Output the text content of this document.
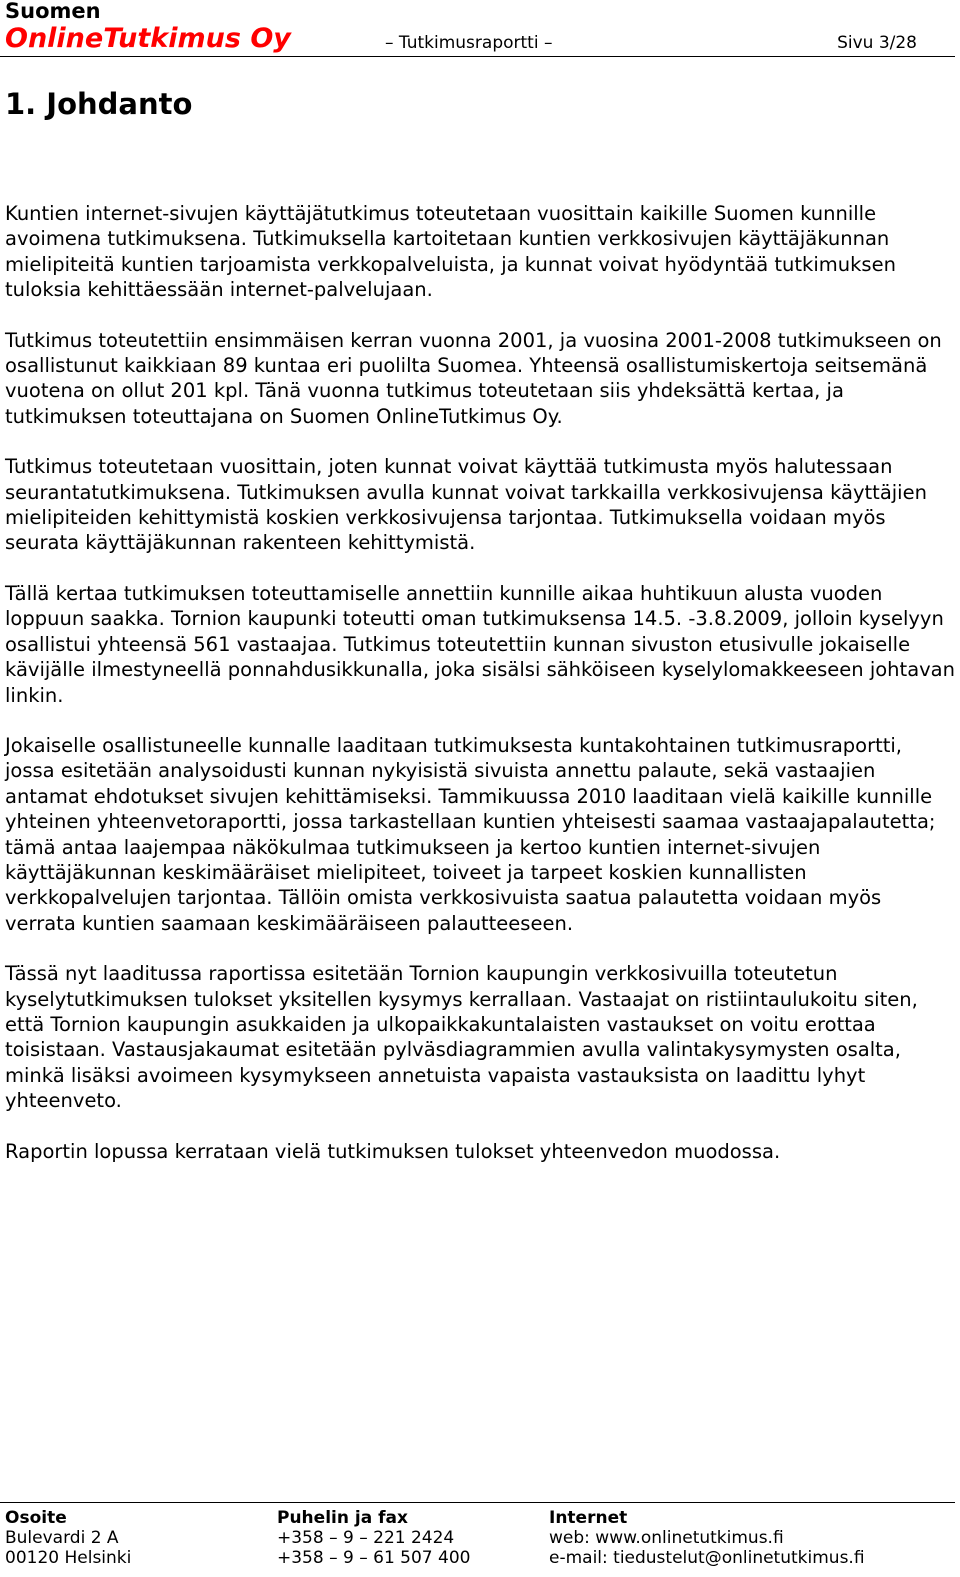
Suomen
OnlineTutkimus Oy	– Tutkimusraportti –	Sivu 3/28
1. Johdanto

Kuntien internet-sivujen käyttäjätutkimus toteutetaan vuosittain kaikille Suomen kunnille avoimena tutkimuksena. Tutkimuksella kartoitetaan kuntien verkkosivujen käyttäjäkunnan mielipiteitä kuntien tarjoamista verkkopalveluista, ja kunnat voivat hyödyntää tutkimuksen tuloksia kehittäessään internet-palvelujaan.

Tutkimus toteutettiin ensimmäisen kerran vuonna 2001, ja vuosina 2001-2008 tutkimukseen on osallistunut kaikkiaan 89 kuntaa eri puolilta Suomea. Yhteensä osallistumiskertoja seitsemänä vuotena on ollut 201 kpl. Tänä vuonna tutkimus toteutetaan siis yhdeksättä kertaa, ja tutkimuksen toteuttajana on Suomen OnlineTutkimus Oy.

Tutkimus toteutetaan vuosittain, joten kunnat voivat käyttää tutkimusta myös halutessaan seurantatutkimuksena. Tutkimuksen avulla kunnat voivat tarkkailla verkkosivujensa käyttäjien mielipiteiden kehittymistä koskien verkkosivujensa tarjontaa. Tutkimuksella voidaan myös seurata käyttäjäkunnan rakenteen kehittymistä.

Tällä kertaa tutkimuksen toteuttamiselle annettiin kunnille aikaa huhtikuun alusta vuoden loppuun saakka. Tornion kaupunki toteutti oman tutkimuksensa 14.5. -3.8.2009, jolloin kyselyyn osallistui yhteensä 561 vastaajaa. Tutkimus toteutettiin kunnan sivuston etusivulle jokaiselle kävijälle ilmestyneellä ponnahdusikkunalla, joka sisälsi sähköiseen kyselylomakkeeseen johtavan linkin.

Jokaiselle osallistuneelle kunnalle laaditaan tutkimuksesta kuntakohtainen tutkimusraportti, jossa esitetään analysoidusti kunnan nykyisistä sivuista annettu palaute, sekä vastaajien antamat ehdotukset sivujen kehittämiseksi. Tammikuussa 2010 laaditaan vielä kaikille kunnille yhteinen yhteenvetoraportti, jossa tarkastellaan kuntien yhteisesti saamaa vastaajapalautetta; tämä antaa laajempaa näkökulmaa tutkimukseen ja kertoo kuntien internet-sivujen käyttäjäkunnan keskimääräiset mielipiteet, toiveet ja tarpeet koskien kunnallisten verkkopalvelujen tarjontaa. Tällöin omista verkkosivuista saatua palautetta voidaan myös verrata kuntien saamaan keskimääräiseen palautteeseen.

Tässä nyt laaditussa raportissa esitetään Tornion kaupungin verkkosivuilla toteutetun kyselytutkimuksen tulokset yksitellen kysymys kerrallaan. Vastaajat on ristiintaulukoitu siten, että Tornion kaupungin asukkaiden ja ulkopaikkakuntalaisten vastaukset on voitu erottaa toisistaan. Vastausjakaumat esitetään pylväsdiagrammien avulla valintakysymysten osalta, minkä lisäksi avoimeen kysymykseen annetuista vapaista vastauksista on laadittu lyhyt yhteenveto.

Raportin lopussa kerrataan vielä tutkimuksen tulokset yhteenvedon muodossa.

Osoite
Bulevardi 2 A
00120 Helsinki
Puhelin ja fax
+358 – 9 – 221 2424
+358 – 9 – 61 507 400
Internet
web: www.onlinetutkimus.fi
e-mail: tiedustelut@onlinetutkimus.fi
